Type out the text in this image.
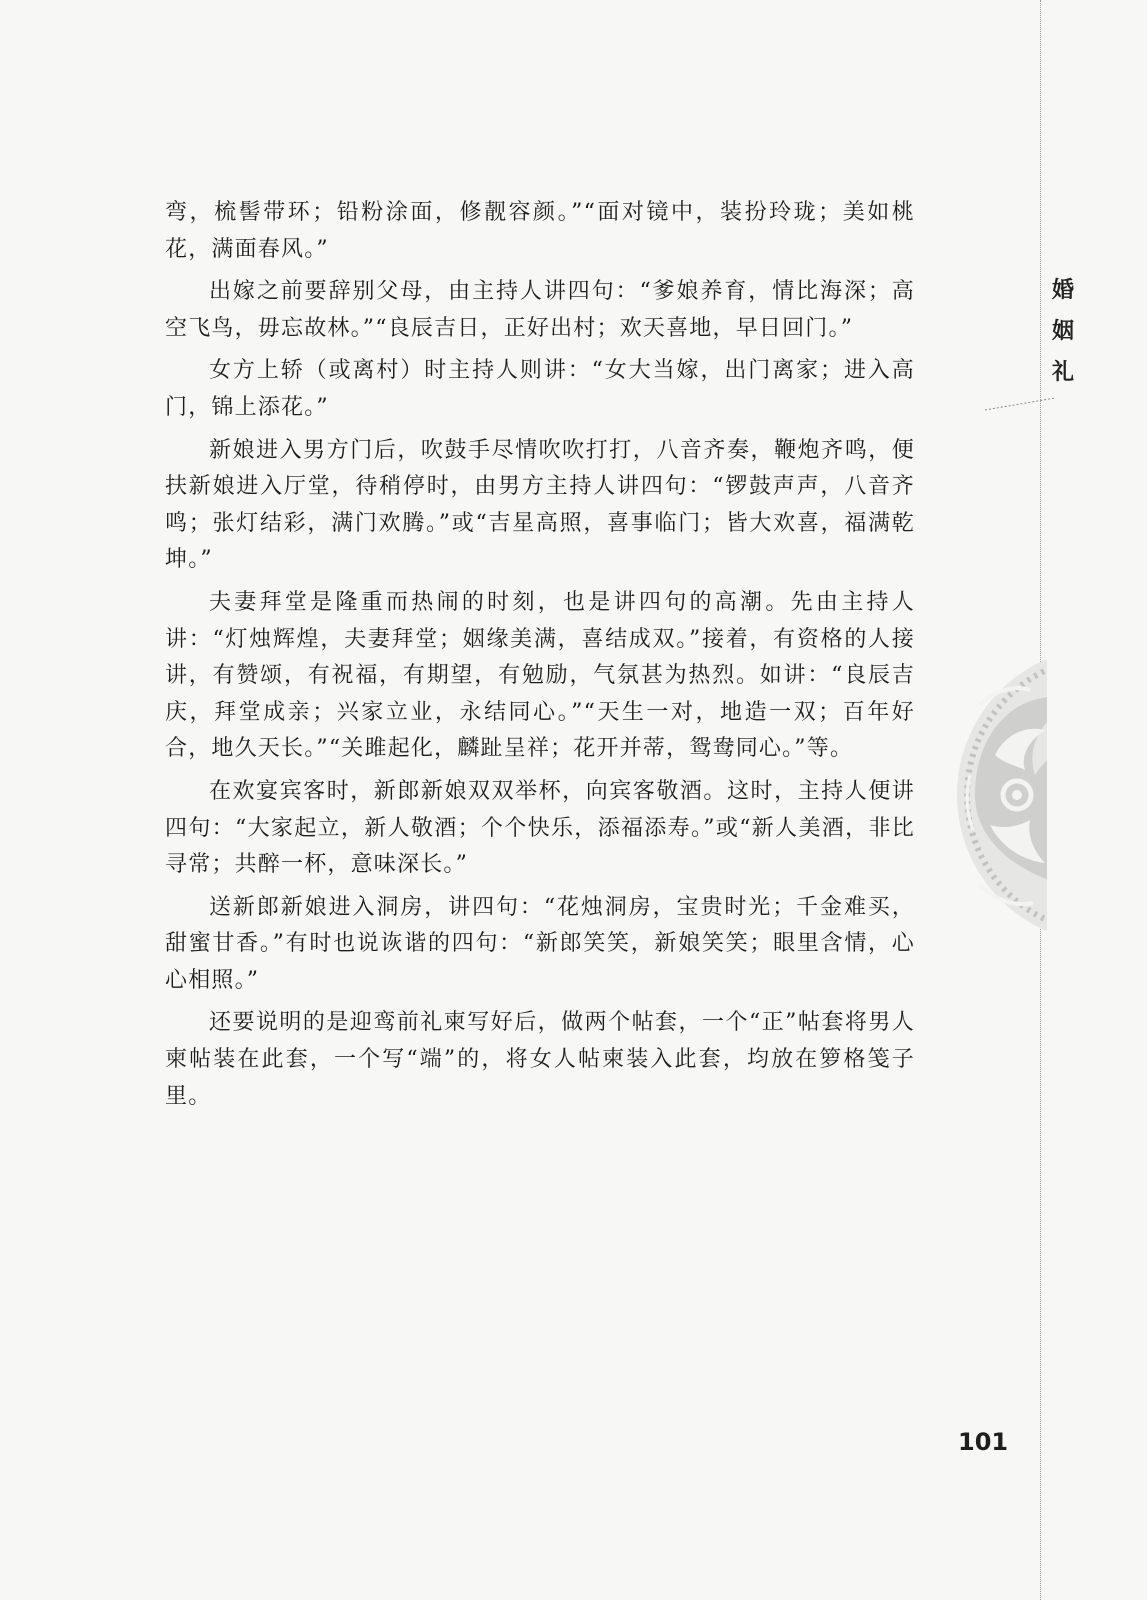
弯，梳髻带环；铅粉涂面，修靓容颜。”“面对镜中，装扮玲珑；美如桃花，满面春风。”

出嫁之前要辞别父母，由主持人讲四句：“爹娘养育，情比海深；高空飞鸟，毋忘故林。”“良辰吉日，正好出村；欢天喜地，早日回门。”

女方上轿（或离村）时主持人则讲：“女大当嫁，出门离家；进入高门，锦上添花。”

新娘进入男方门后，吹鼓手尽情吹吹打打，八音齐奏，鞭炮齐鸣，便扶新娘进入厅堂，待稍停时，由男方主持人讲四句：“锣鼓声声，八音齐鸣；张灯结彩，满门欢腾。”或“吉星高照，喜事临门；皆大欢喜，福满乾坤。”

夫妻拜堂是隆重而热闹的时刻，也是讲四句的高潮。先由主持人讲：“灯烛辉煌，夫妻拜堂；姻缘美满，喜结成双。”接着，有资格的人接讲，有赞颂，有祝福，有期望，有勉励，气氛甚为热烈。如讲：“良辰吉庆，拜堂成亲；兴家立业，永结同心。”“天生一对，地造一双；百年好合，地久天长。”“关雎起化，麟趾呈祥；花开并蒂，鸳鸯同心。”等。

在欢宴宾客时，新郎新娘双双举杯，向宾客敬酒。这时，主持人便讲四句：“大家起立，新人敬酒；个个快乐，添福添寿。”或“新人美酒，非比寻常；共醉一杯，意味深长。”

送新郎新娘进入洞房，讲四句：“花烛洞房，宝贵时光；千金难买，甜蜜甘香。”有时也说诙谐的四句：“新郎笑笑，新娘笑笑；眼里含情，心心相照。”

还要说明的是迎鸾前礼柬写好后，做两个帖套，一个“正”帖套将男人柬帖装在此套，一个写“端”的，将女人帖柬装入此套，均放在箩格笺子里。

婚
姻
礼
101
